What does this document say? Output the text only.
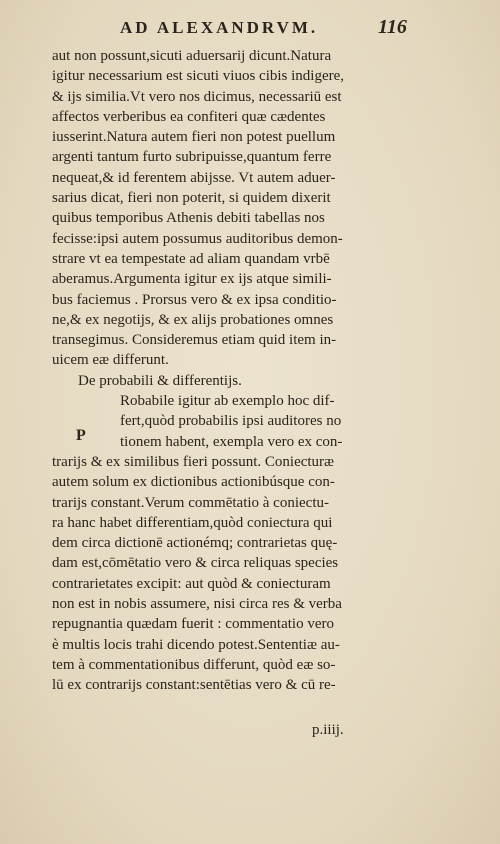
AD ALEXANDRVM.	116
aut non possunt,sicuti aduersarij dicunt.Natura
igitur necessarium est sicuti viuos cibis indigere,
& ijs similia.Vt vero nos dicimus, necessariū est
affectos verberibus ea confiteri quæ cædentes
iusserint.Natura autem fieri non potest puellum
argenti tantum furto subripuisse,quantum ferre
nequeat,& id ferentem abijsse. Vt autem aduer-
sarius dicat, fieri non poterit, si quidem dixerit
quibus temporibus Athenis debiti tabellas nos
fecisse:ipsi autem possumus auditoribus demon-
strare vt ea tempestate ad aliam quandam vrbē
aberamus.Argumenta igitur ex ijs atque simili-
bus faciemus . Prorsus vero & ex ipsa conditio-
ne,& ex negotijs, & ex alijs probationes omnes
transegimus. Consideremus etiam quid item in-
uicem eæ differunt.
De probabili & differentijs.
Robabile igitur ab exemplo hoc dif-
fert,quòd probabilis ipsi auditores no
tionem habent, exempla vero ex con-
trarijs & ex similibus fieri possunt. Coniecturæ
autem solum ex dictionibus actionibúsque con-
trarijs constant.Verum commētatio à coniectu-
ra hanc habet differentiam,quòd coniectura qui
dem circa dictionē actionémq; contrarietas quę-
dam est,cōmētatio vero & circa reliquas species
contrarietates excipit: aut quòd & coniecturam
non est in nobis assumere, nisi circa res & verba
repugnantia quædam fuerit : commentatio vero
è multis locis trahi dicendo potest.Sententiæ au-
tem à commentationibus differunt, quòd eæ so-
lū ex contrarijs constant:sentētias vero & cū re-
P
p.iiij.
